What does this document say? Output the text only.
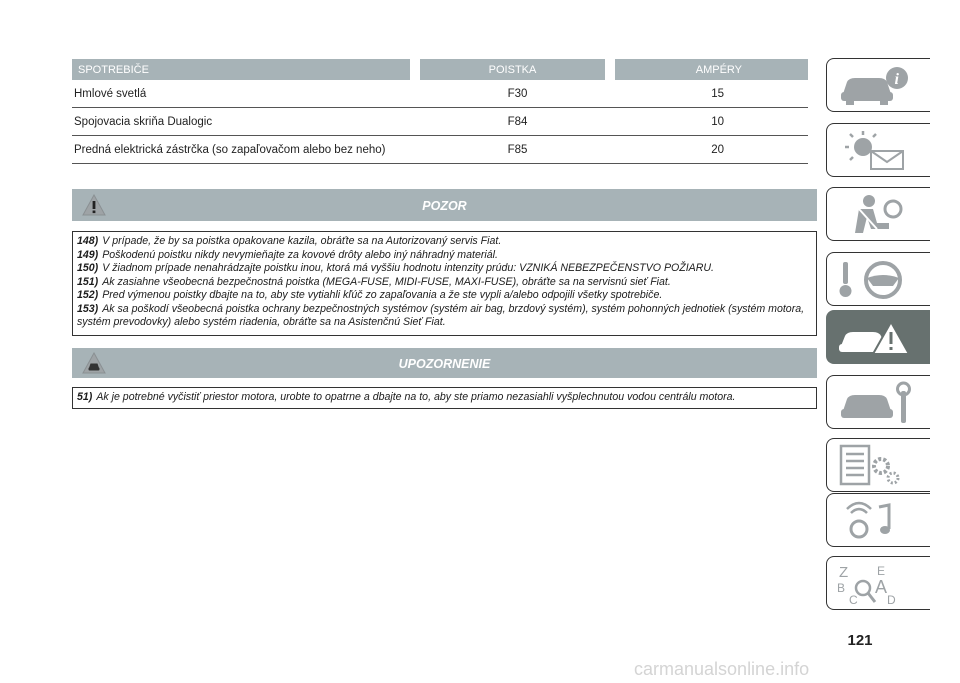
SPOTREBIČE	POISTKA	AMPÉRY
Hmlové svetlá	F30	15
Spojovacia skriňa Dualogic	F84	10
Predná elektrická zástrčka (so zapaľovačom alebo bez neho)	F85	20
POZOR
148) V prípade, že by sa poistka opakovane kazila, obráťte sa na Autorizovaný servis Fiat.
149) Poškodenú poistku nikdy nevymieňajte za kovové drôty alebo iný náhradný materiál.
150) V žiadnom prípade nenahrádzajte poistku inou, ktorá má vyššiu hodnotu intenzity prúdu: VZNIKÁ NEBEZPEČENSTVO POŽIARU.
151) Ak zasiahne všeobecná bezpečnostná poistka (MEGA-FUSE, MIDI-FUSE, MAXI-FUSE), obráťte sa na servisnú sieť Fiat.
152) Pred výmenou poistky dbajte na to, aby ste vytiahli kľúč zo zapaľovania a že ste vypli a/alebo odpojili všetky spotrebiče.
153) Ak sa poškodí všeobecná poistka ochrany bezpečnostných systémov (systém air bag, brzdový systém), systém pohonných jednotiek (systém motora, systém prevodovky) alebo systém riadenia, obráťte sa na Asistenčnú Sieť Fiat.
UPOZORNENIE
51) Ak je potrebné vyčistiť priestor motora, urobte to opatrne a dbajte na to, aby ste priamo nezasiahli vyšplechnutou vodou centrálu motora.
i
Z E
B A
C D
121
carmanualsonline.info
